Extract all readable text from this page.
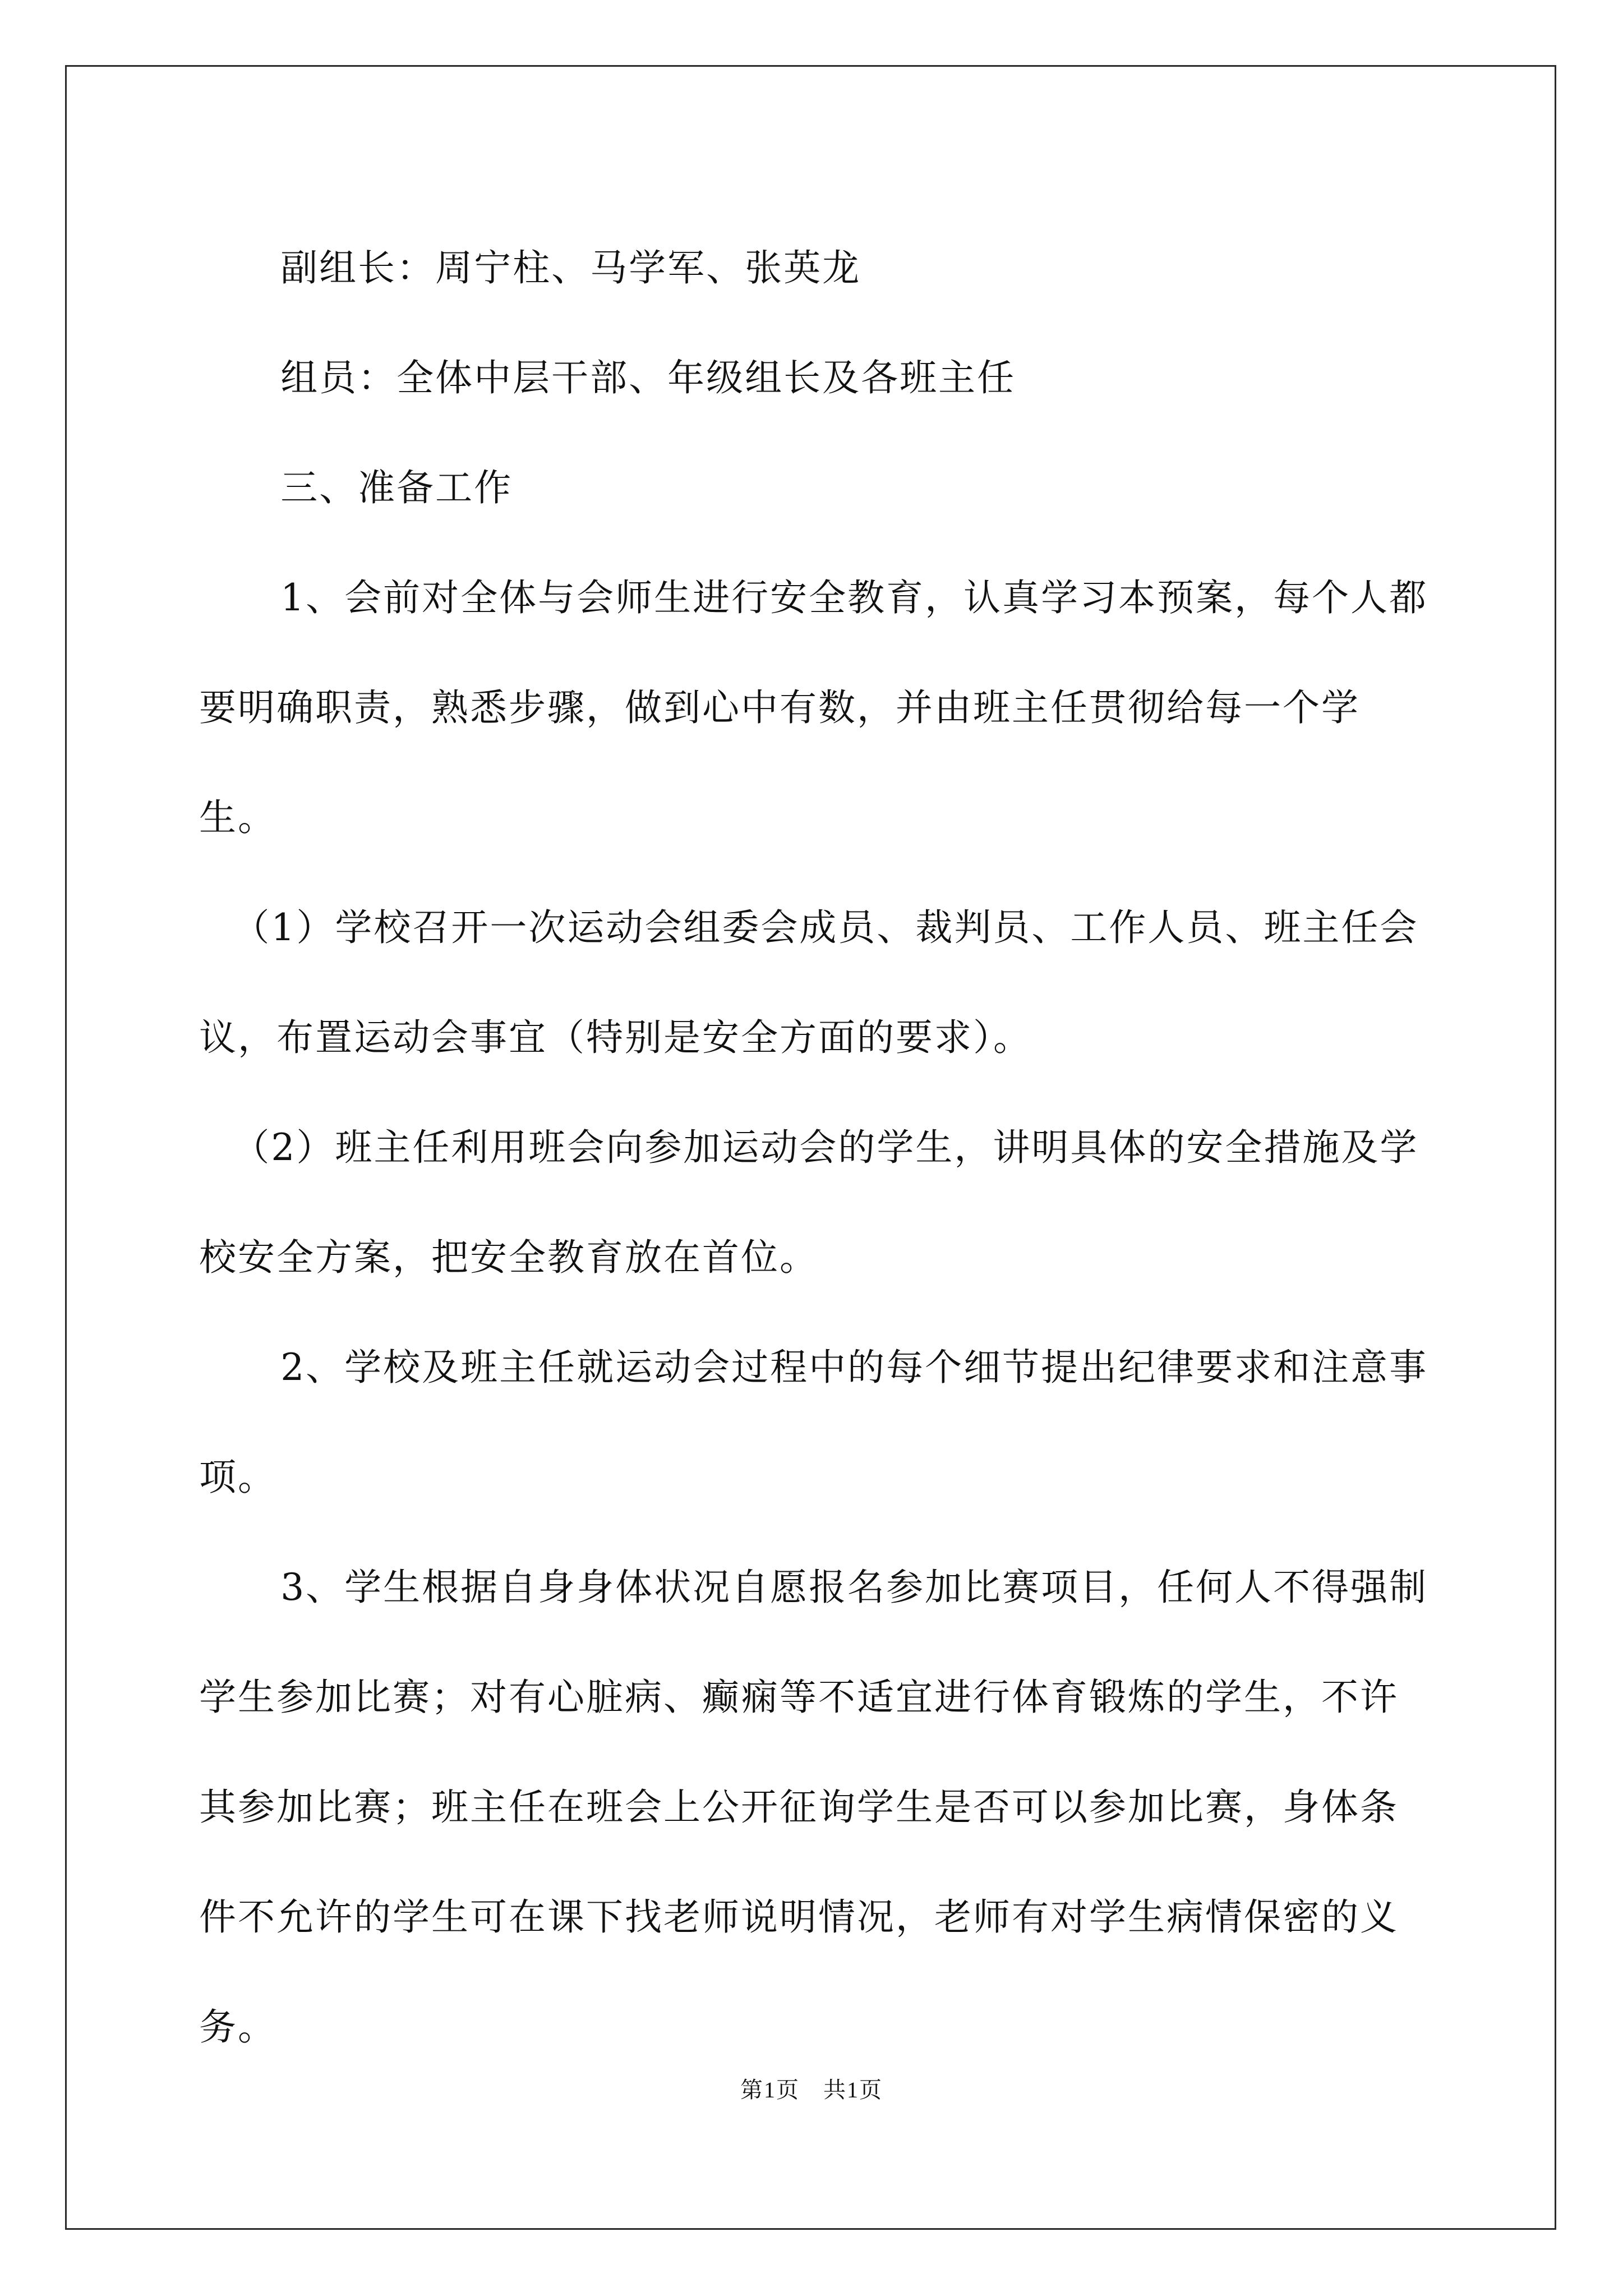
副组长：周宁柱、马学军、张英龙

组员：全体中层干部、年级组长及各班主任

三、准备工作

1、会前对全体与会师生进行安全教育，认真学习本预案，每个人都要明确职责，熟悉步骤，做到心中有数，并由班主任贯彻给每一个学生。

（1）学校召开一次运动会组委会成员、裁判员、工作人员、班主任会议，布置运动会事宜（特别是安全方面的要求）。

（2）班主任利用班会向参加运动会的学生，讲明具体的安全措施及学校安全方案，把安全教育放在首位。

2、学校及班主任就运动会过程中的每个细节提出纪律要求和注意事项。

3、学生根据自身身体状况自愿报名参加比赛项目，任何人不得强制学生参加比赛；对有心脏病、癫痫等不适宜进行体育锻炼的学生，不许其参加比赛；班主任在班会上公开征询学生是否可以参加比赛，身体条件不允许的学生可在课下找老师说明情况，老师有对学生病情保密的义务。

第1页　共1页
